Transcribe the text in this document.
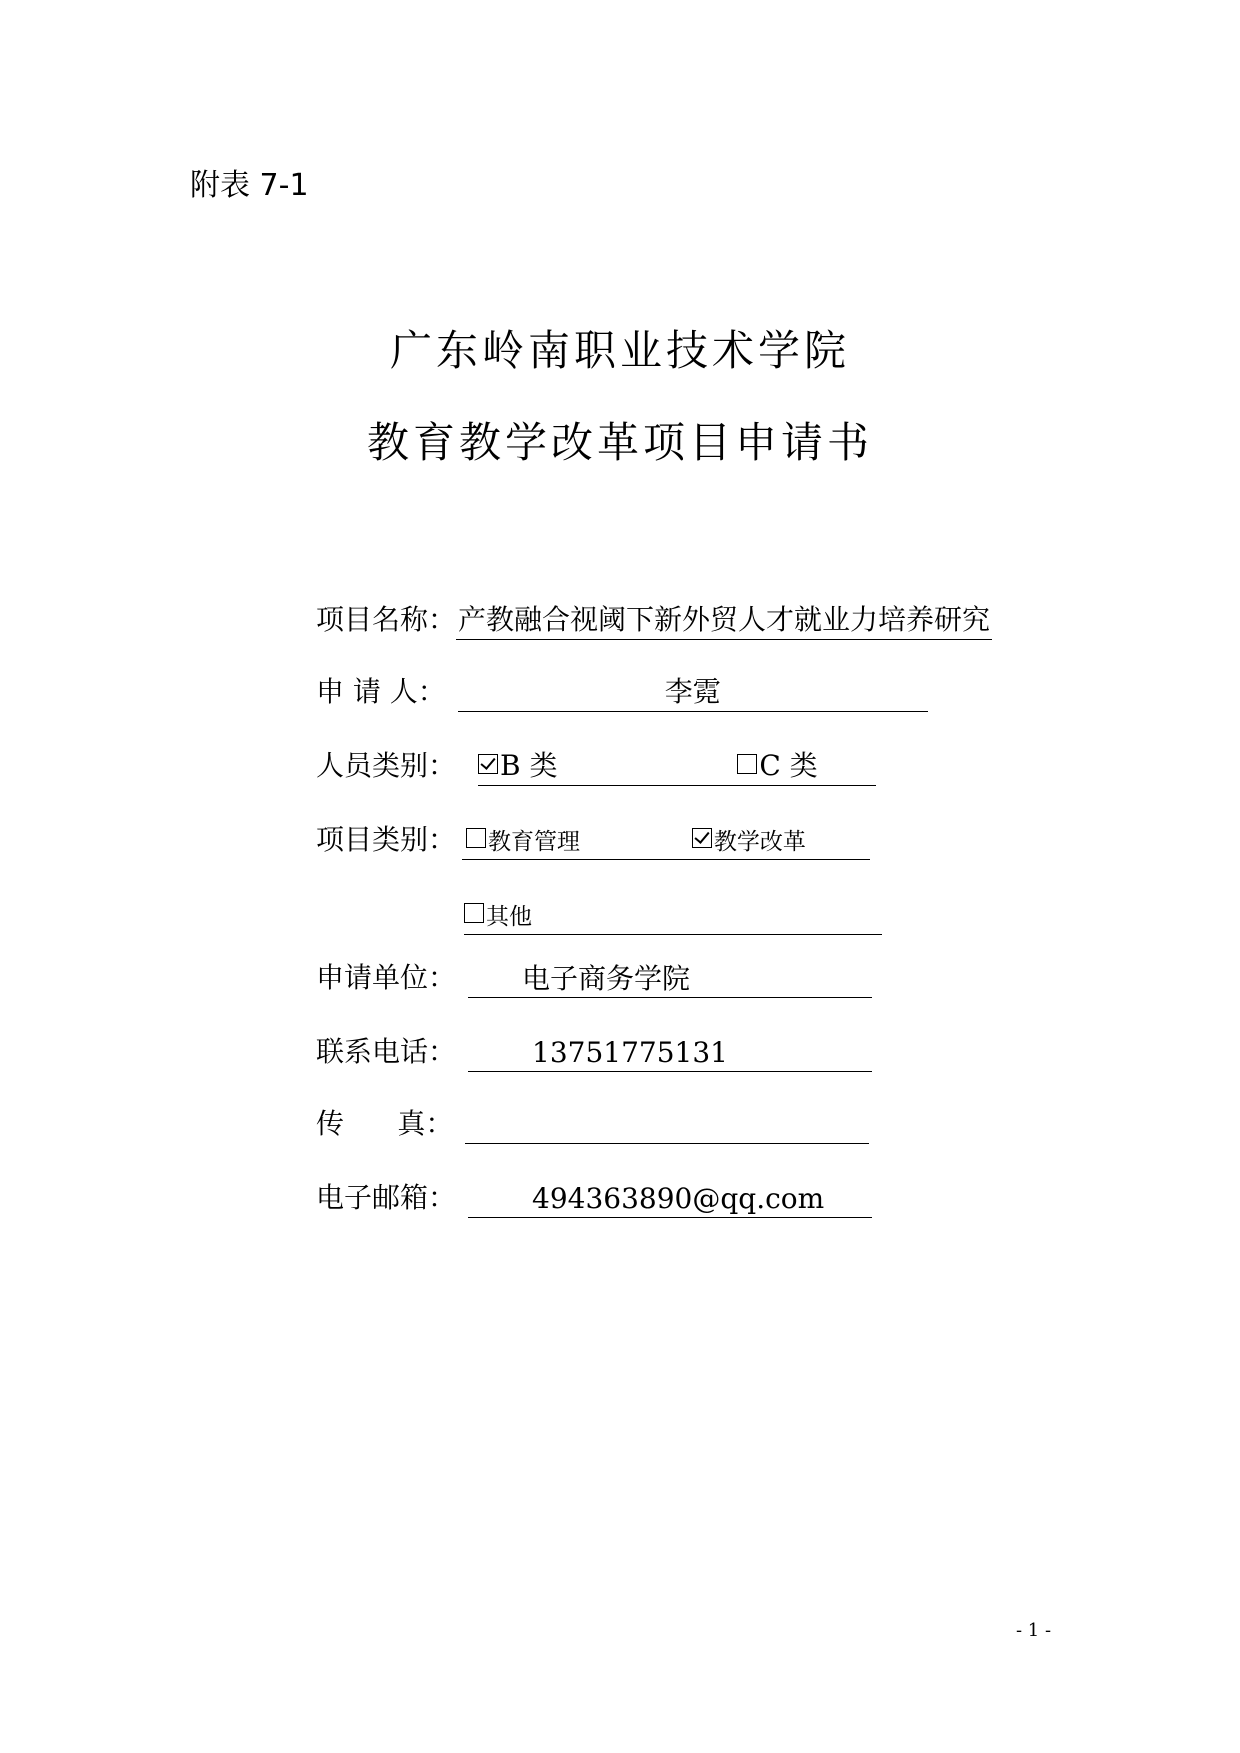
附表 7-1
广东岭南职业技术学院
教育教学改革项目申请书
项目名称：产教融合视阈下新外贸人才就业力培养研究
申 请 人：	李霓
人员类别： B 类	C 类
项目类别： 教育管理	教学改革
其他
申请单位： 电子商务学院
联系电话：	13751775131
传      真：
电子邮箱：	494363890@qq.com
- 1 -
